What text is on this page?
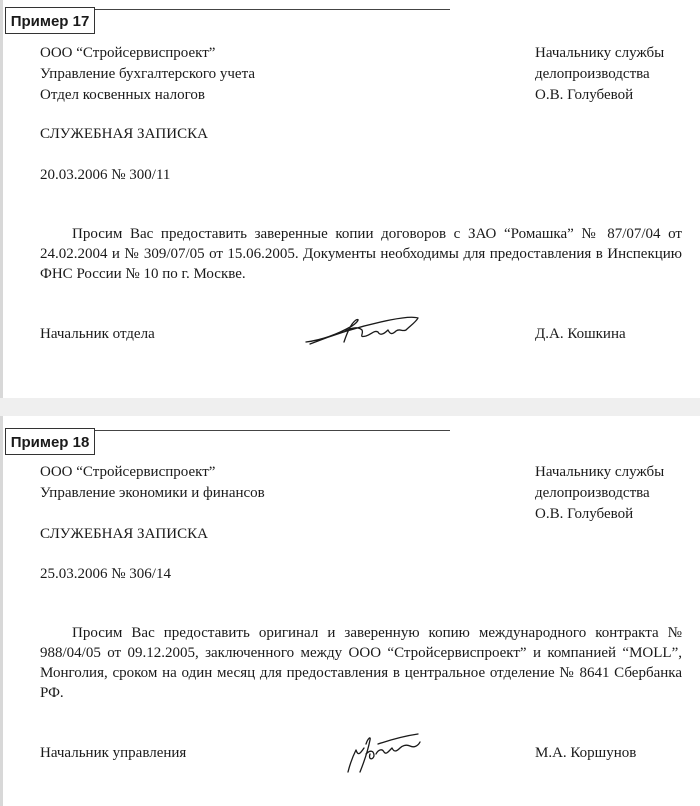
Пример 17
ООО “Стройсервиспроект”
Управление бухгалтерского учета
Отдел косвенных налогов
Начальнику службы
делопроизводства
О.В. Голубевой
СЛУЖЕБНАЯ ЗАПИСКА
20.03.2006 № 300/11
Просим Вас предоставить заверенные копии договоров с ЗАО “Ромашка” № 87/07/04 от 24.02.2004 и № 309/07/05 от 15.06.2005. Документы необходимы для предоставления в Инспекцию ФНС России № 10 по г. Москве.
Начальник отдела	Д.А. Кошкина
Пример 18
ООО “Стройсервиспроект”
Управление экономики и финансов
Начальнику службы
делопроизводства
О.В. Голубевой
СЛУЖЕБНАЯ ЗАПИСКА
25.03.2006 № 306/14
Просим Вас предоставить оригинал и заверенную копию международного контракта № 988/04/05 от 09.12.2005, заключенного между ООО “Стройсервиспроект” и компанией “MOLL”, Монголия, сроком на один месяц для предоставления в центральное отделение № 8641 Сбербанка РФ.
Начальник управления	М.А. Коршунов
